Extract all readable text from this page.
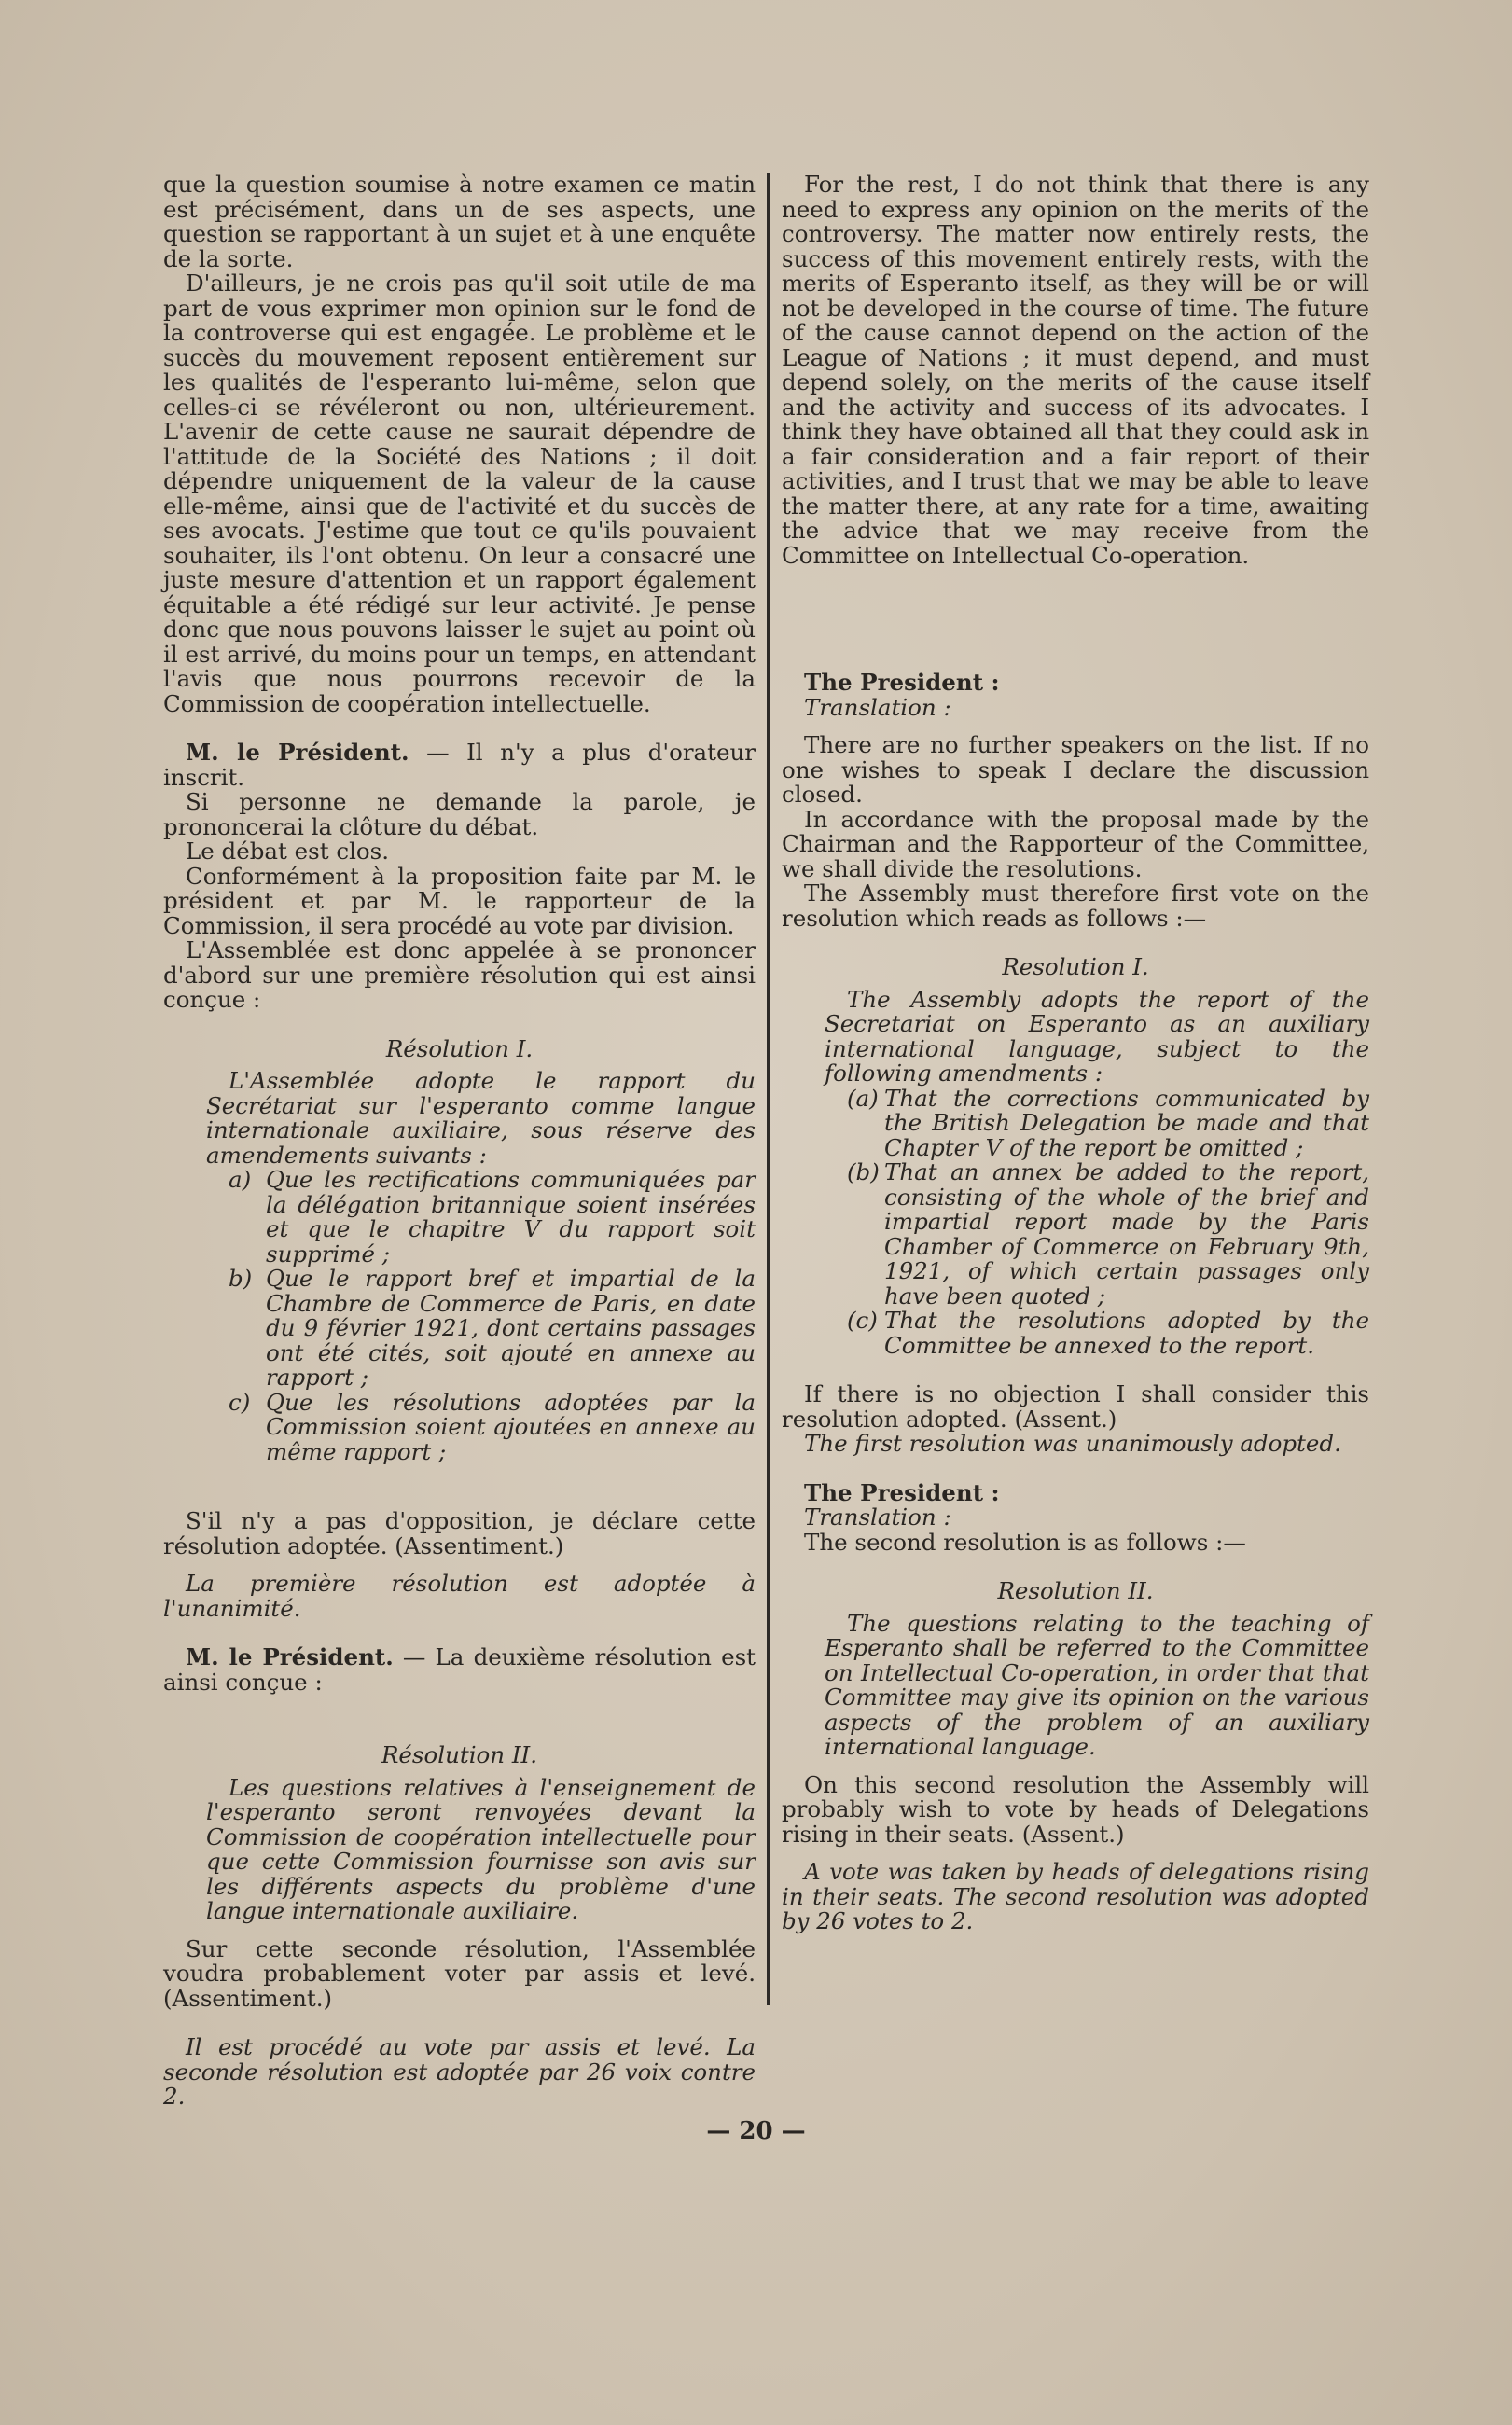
que la question soumise à notre examen ce matin est précisément, dans un de ses aspects, une question se rapportant à un sujet et à une enquête de la sorte.

D'ailleurs, je ne crois pas qu'il soit utile de ma part de vous exprimer mon opinion sur le fond de la controverse qui est engagée. Le problème et le succès du mouvement reposent entièrement sur les qualités de l'esperanto lui-même, selon que celles-ci se révéleront ou non, ultérieurement. L'avenir de cette cause ne saurait dépendre de l'attitude de la Société des Nations ; il doit dépendre uniquement de la valeur de la cause elle-même, ainsi que de l'activité et du succès de ses avocats. J'estime que tout ce qu'ils pouvaient souhaiter, ils l'ont obtenu. On leur a consacré une juste mesure d'attention et un rapport également équitable a été rédigé sur leur activité. Je pense donc que nous pouvons laisser le sujet au point où il est arrivé, du moins pour un temps, en attendant l'avis que nous pourrons recevoir de la Commission de coopération intellectuelle.

M. le Président. — Il n'y a plus d'orateur inscrit.

Si personne ne demande la parole, je prononcerai la clôture du débat.

Le débat est clos.

Conformément à la proposition faite par M. le président et par M. le rapporteur de la Commission, il sera procédé au vote par division.

L'Assemblée est donc appelée à se prononcer d'abord sur une première résolution qui est ainsi conçue :

Résolution I.

L'Assemblée adopte le rapport du Secrétariat sur l'esperanto comme langue internationale auxiliaire, sous réserve des amendements suivants :

a) Que les rectifications communiquées par la délégation britannique soient insérées et que le chapitre V du rapport soit supprimé ;
b) Que le rapport bref et impartial de la Chambre de Commerce de Paris, en date du 9 février 1921, dont certains passages ont été cités, soit ajouté en annexe au rapport ;
c) Que les résolutions adoptées par la Commission soient ajoutées en annexe au même rapport ;

S'il n'y a pas d'opposition, je déclare cette résolution adoptée. (Assentiment.)

La première résolution est adoptée à l'unanimité.

M. le Président. — La deuxième résolution est ainsi conçue :

Résolution II.

Les questions relatives à l'enseignement de l'esperanto seront renvoyées devant la Commission de coopération intellectuelle pour que cette Commission fournisse son avis sur les différents aspects du problème d'une langue internationale auxiliaire.

Sur cette seconde résolution, l'Assemblée voudra probablement voter par assis et levé. (Assentiment.)

Il est procédé au vote par assis et levé. La seconde résolution est adoptée par 26 voix contre 2.

For the rest, I do not think that there is any need to express any opinion on the merits of the controversy. The matter now entirely rests, the success of this movement entirely rests, with the merits of Esperanto itself, as they will be or will not be developed in the course of time. The future of the cause cannot depend on the action of the League of Nations ; it must depend, and must depend solely, on the merits of the cause itself and the activity and success of its advocates. I think they have obtained all that they could ask in a fair consideration and a fair report of their activities, and I trust that we may be able to leave the matter there, at any rate for a time, awaiting the advice that we may receive from the Committee on Intellectual Co-operation.

The President :

Translation :

There are no further speakers on the list. If no one wishes to speak I declare the discussion closed.

In accordance with the proposal made by the Chairman and the Rapporteur of the Committee, we shall divide the resolutions.

The Assembly must therefore first vote on the resolution which reads as follows :—

Resolution I.

The Assembly adopts the report of the Secretariat on Esperanto as an auxiliary international language, subject to the following amendments :

(a) That the corrections communicated by the British Delegation be made and that Chapter V of the report be omitted ;
(b) That an annex be added to the report, consisting of the whole of the brief and impartial report made by the Paris Chamber of Commerce on February 9th, 1921, of which certain passages only have been quoted ;
(c) That the resolutions adopted by the Committee be annexed to the report.

If there is no objection I shall consider this resolution adopted. (Assent.)

The first resolution was unanimously adopted.

The President :

Translation :

The second resolution is as follows :—

Resolution II.

The questions relating to the teaching of Esperanto shall be referred to the Committee on Intellectual Co-operation, in order that that Committee may give its opinion on the various aspects of the problem of an auxiliary international language.

On this second resolution the Assembly will probably wish to vote by heads of Delegations rising in their seats. (Assent.)

A vote was taken by heads of delegations rising in their seats. The second resolution was adopted by 26 votes to 2.

— 20 —
